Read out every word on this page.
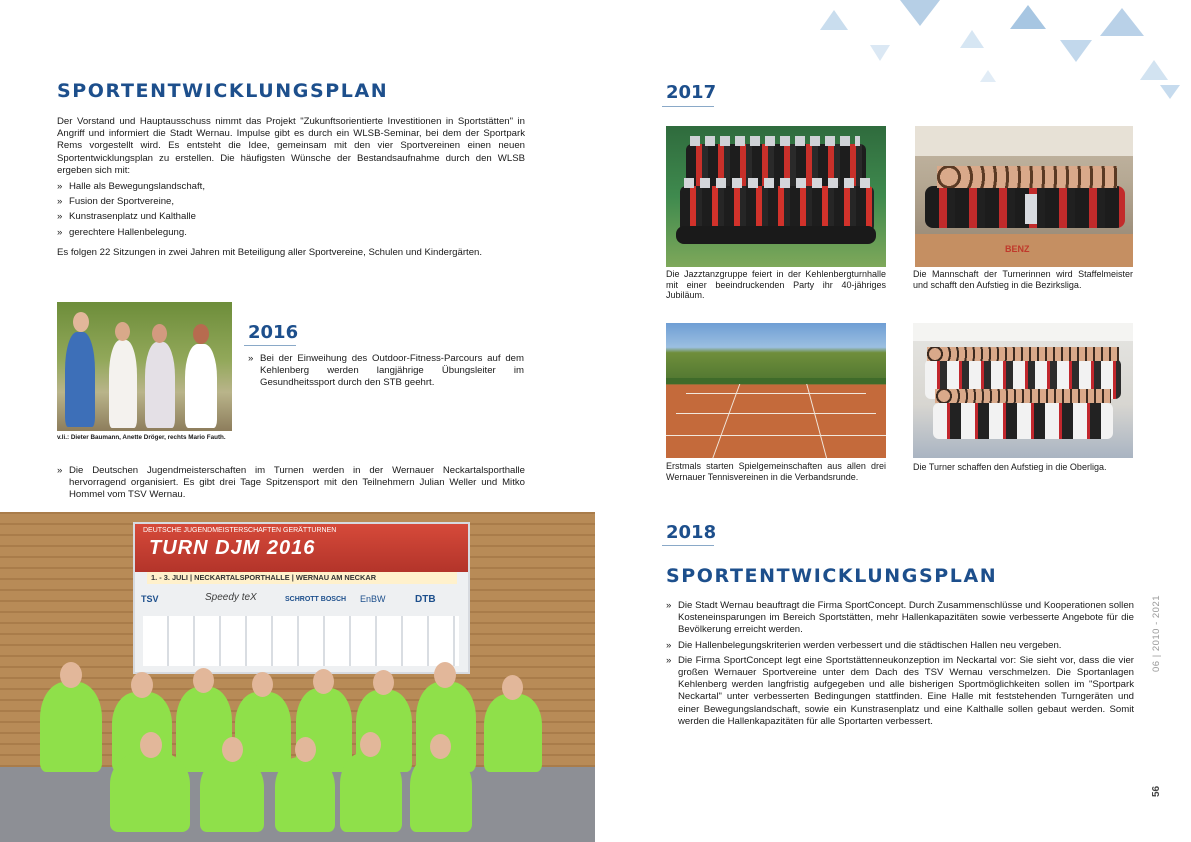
SPORTENTWICKLUNGSPLAN
Der Vorstand und Hauptausschuss nimmt das Projekt "Zukunftsorientierte Investitionen in Sportstätten" in Angriff und informiert die Stadt Wernau. Impulse gibt es durch ein WLSB-Seminar, bei dem der Sportpark Rems vorgestellt wird. Es entsteht die Idee, gemeinsam mit den vier Sportvereinen einen neuen Sportentwicklungsplan zu erstellen. Die häufigsten Wünsche der Bestandsaufnahme durch den WLSB ergeben sich mit:
» Halle als Bewegungslandschaft,
» Fusion der Sportvereine,
» Kunstrasenplatz und Kalthalle
» gerechtere Hallenbelegung.
Es folgen 22 Sitzungen in zwei Jahren mit Beteiligung aller Sportvereine, Schulen und Kindergärten.
v.li.: Dieter Baumann, Anette Dröger, rechts Mario Fauth.
2016
» Bei der Einweihung des Outdoor-Fitness-Parcours auf dem Kehlenberg werden langjährige Übungsleiter im Gesundheitssport durch den STB geehrt.
» Die Deutschen Jugendmeisterschaften im Turnen werden in der Wernauer Neckartalsporthalle hervorragend organisiert. Es gibt drei Tage Spitzensport mit den Teilnehmern Julian Weller und Mitko Hommel vom TSV Wernau.
DEUTSCHE JUGENDMEISTERSCHAFTEN GERÄTTURNEN
TURN DJM 2016
1. - 3. JULI | NECKARTALSPORTHALLE | WERNAU AM NECKAR
TSV	Speedy teX	SCHROTT BOSCH EnBW	DTB
2017
Die Jazztanzgruppe feiert in der Kehlenbergturnhalle mit einer beeindruckenden Party ihr 40-jähriges Jubiläum.
BENZ
Die Mannschaft der Turnerinnen wird Staffelmeister und schafft den Aufstieg in die Bezirksliga.
Erstmals starten Spielgemeinschaften aus allen drei Wernauer Tennisvereinen in die Verbandsrunde.
Die Turner schaffen den Aufstieg in die Oberliga.
2018
SPORTENTWICKLUNGSPLAN
» Die Stadt Wernau beauftragt die Firma SportConcept. Durch Zusammenschlüsse und Kooperationen sollen Kosteneinsparungen im Bereich Sportstätten, mehr Hallenkapazitäten sowie verbesserte Angebote für die Bevölkerung erreicht werden.
» Die Hallenbelegungskriterien werden verbessert und die städtischen Hallen neu vergeben.
» Die Firma SportConcept legt eine Sportstättenneukonzeption im Neckartal vor: Sie sieht vor, dass die vier großen Wernauer Sportvereine unter dem Dach des TSV Wernau verschmelzen. Die Sportanlagen Kehlenberg werden langfristig aufgegeben und alle bisherigen Sportmöglichkeiten sollen im "Sportpark Neckartal" unter verbesserten Bedingungen stattfinden. Eine Halle mit feststehenden Turngeräten und einer Bewegungslandschaft, sowie ein Kunstrasenplatz und eine Kalthalle sollen gebaut werden. Somit werden die Hallenkapazitäten für alle Sportarten verbessert.
06 | 2010 - 2021
56
